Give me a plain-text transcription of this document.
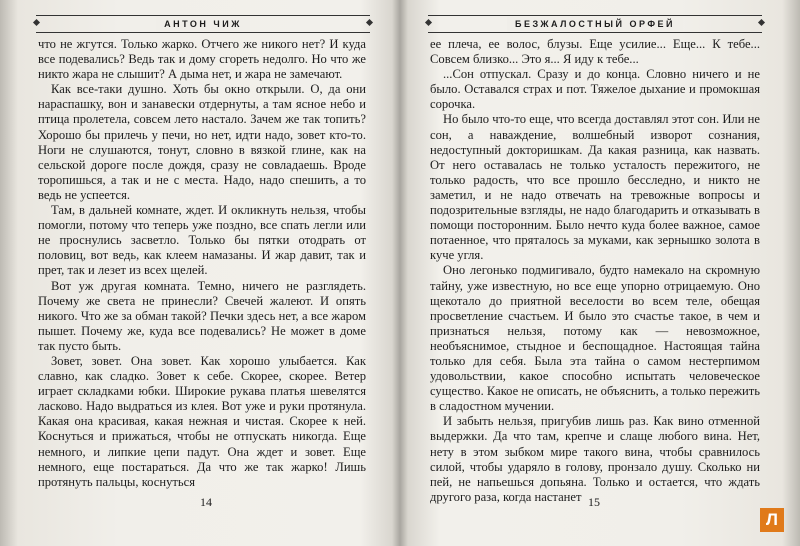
АНТОН ЧИЖ

что не жгутся. Только жарко. Отчего же никого нет? И куда все подевались? Ведь так и дому сгореть недолго. Но что же никто жара не слышит? А дыма нет, и жара не замечают.

Как все-таки душно. Хоть бы окно открыли. О, да они нараспашку, вон и занавески отдернуты, а там ясное небо и птица пролетела, совсем лето настало. Зачем же так топить? Хорошо бы прилечь у печи, но нет, идти надо, зовет кто-то. Ноги не слушаются, тонут, словно в вязкой глине, как на сельской дороге после дождя, сразу не совладаешь. Вроде торопишься, а так и не с места. Надо, надо спешить, а то ведь не успеется.

Там, в дальней комнате, ждет. И окликнуть нельзя, чтобы помогли, потому что теперь уже поздно, все спать легли или не проснулись засветло. Только бы пятки отодрать от половиц, вот ведь, как клеем намазаны. И жар давит, так и прет, так и лезет из всех щелей.

Вот уж другая комната. Темно, ничего не разглядеть. Почему же света не принесли? Свечей жалеют. И опять никого. Что же за обман такой? Печки здесь нет, а все жаром пышет. Почему же, куда все подевались? Не может в доме так пусто быть.

Зовет, зовет. Она зовет. Как хорошо улыбается. Как славно, как сладко. Зовет к себе. Скорее, скорее. Ветер играет складками юбки. Широкие рукава платья шевелятся ласково. Надо выдраться из клея. Вот уже и руки протянула. Какая она красивая, какая нежная и чистая. Скорее к ней. Коснуться и прижаться, чтобы не отпускать никогда. Еще немного, и липкие цепи падут. Она ждет и зовет. Еще немного, еще постараться. Да что же так жарко! Лишь протянуть пальцы, коснуться

14
БЕЗЖАЛОСТНЫЙ ОРФЕЙ

ее плеча, ее волос, блузы. Еще усилие... Еще... К тебе... Совсем близко... Это я... Я иду к тебе...

...Сон отпускал. Сразу и до конца. Словно ничего и не было. Оставался страх и пот. Тяжелое дыхание и промокшая сорочка.

Но было что-то еще, что всегда доставлял этот сон. Или не сон, а наваждение, волшебный изворот сознания, недоступный докторишкам. Да какая разница, как назвать. От него оставалась не только усталость пережитого, не только радость, что все прошло бесследно, и никто не заметил, и не надо отвечать на тревожные вопросы и подозрительные взгляды, не надо благодарить и отказывать в помощи посторонним. Было нечто куда более важное, самое потаенное, что пряталось за муками, как зернышко золота в куче угля.

Оно легонько подмигивало, будто намекало на скромную тайну, уже известную, но все еще упорно отрицаемую. Оно щекотало до приятной веселости во всем теле, обещая просветление счастьем. И было это счастье такое, в чем и признаться нельзя, потому как — невозможное, необъяснимое, стыдное и беспощадное. Настоящая тайна только для себя. Была эта тайна о самом нестерпимом удовольствии, какое способно испытать человеческое существо. Какое не описать, не объяснить, а только пережить в сладостном мучении.

И забыть нельзя, пригубив лишь раз. Как вино отменной выдержки. Да что там, крепче и слаще любого вина. Нет, нету в этом зыбком мире такого вина, чтобы сравнилось силой, чтобы ударяло в голову, пронзало душу. Сколько ни пей, не напьешься допьяна. Только и остается, что ждать другого раза, когда настанет 15
Л
